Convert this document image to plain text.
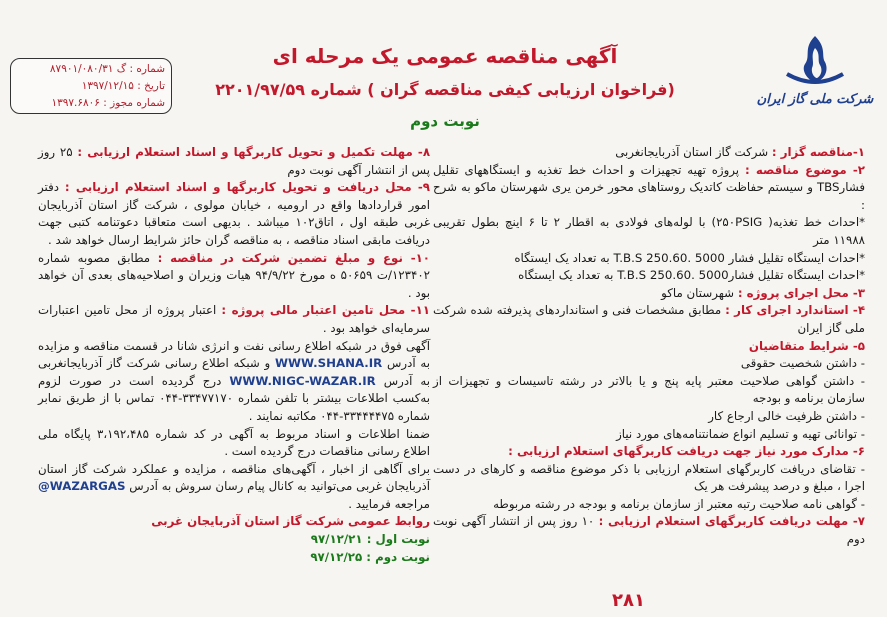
شرکت ملی گاز ایران
شماره : گ ۸۷۹۰۱/۰۸۰/۳۱
تاریخ : ۱۳۹۷/۱۲/۱۵
شماره مجوز : ۱۳۹۷.۶۸۰۶
آگهی مناقصه عمومی یک مرحله ای
(فراخوان ارزیابی کیفی مناقصه گران ) شماره ۲۲۰۱/۹۷/۵۹
نوبت دوم

۱-مناقصه گزار : شرکت گاز استان آذربایجانغربی

۲- موضوع مناقصه : پروژه تهیه تجهیزات و احداث خط تغذیه و ایستگاههای تقلیل فشارTBS و سیستم حفاظت کاتدیک روستاهای محور خرمن یری شهرستان ماکو به شرح :

*احداث خط تغذیه( ۲۵۰PSIG) با لوله‌های فولادی به اقطار ۲ تا ۶ اینچ بطول تقریبی ۱۱۹۸۸ متر

*احداث ایستگاه تقلیل فشار T.B.S 250.60. 5000 به تعداد یک ایستگاه

*احداث ایستگاه تقلیل فشار5000 .T.B.S 250.60 به تعداد یک ایستگاه

۳- محل اجرای پروژه : شهرستان ماکو

۴- استاندارد اجرای کار : مطابق مشخصات فنی و استانداردهای پذیرفته شده شرکت ملی گاز ایران

۵- شرایط متقاضیان

- داشتن شخصیت حقوقی

- داشتن گواهی صلاحیت معتبر پایه پنج و یا بالاتر در رشته تاسیسات و تجهیزات از سازمان برنامه و بودجه

- داشتن ظرفیت خالی ارجاع کار

- توانائی تهیه و تسلیم انواع ضمانتنامه‌های مورد نیاز

۶- مدارک مورد نیاز جهت دریافت کاربرگهای استعلام ارزیابی :

- تقاضای دریافت کاربرگهای استعلام ارزیابی با ذکر موضوع مناقصه و کارهای در دست اجرا ، مبلغ و درصد پیشرفت هر یک

- گواهی نامه صلاحیت رتبه معتبر از سازمان برنامه و بودجه در رشته مربوطه

۷- مهلت دریافت کاربرگهای استعلام ارزیابی : ۱۰ روز پس از انتشار آگهی نوبت دوم

۸- مهلت تکمیل و تحویل کاربرگها و اسناد استعلام ارزیابی : ۲۵ روز پس از انتشار آگهی نوبت دوم

۹- محل دریافت و تحویل کاربرگها و اسناد استعلام ارزیابی : دفتر امور قراردادها واقع در ارومیه ، خیابان مولوی ، شرکت گاز استان آذربایجان غربی طبقه اول ، اتاق۱۰۲ میباشد . بدیهی است متعاقبا دعوتنامه کتبی جهت دریافت مابقی اسناد مناقصه ، به مناقصه گران حائز شرایط ارسال خواهد شد .

۱۰- نوع و مبلغ تضمین شرکت در مناقصه : مطابق مصوبه شماره ۱۲۳۴۰۲/ت ۵۰۶۵۹ ه مورخ ۹۴/۹/۲۲ هیات وزیران و اصلاحیه‌های بعدی آن خواهد بود .

۱۱- محل تامین اعتبار مالی پروژه : اعتبار پروژه از محل تامین اعتبارات سرمایه‌ای خواهد بود .

آگهی فوق در شبکه اطلاع رسانی نفت و انرژی شانا در قسمت مناقصه و مزایده به آدرس WWW.SHANA.IR و شبکه اطلاع رسانی شرکت گاز آذربایجانغربی به آدرس WWW.NIGC-WAZAR.IR درج گردیده است در صورت لزوم به‌کسب اطلاعات بیشتر با تلفن شماره ۳۳۴۷۷۱۷۰-۰۴۴ تماس با از طریق نمابر شماره ۳۳۴۴۴۴۷۵-۰۴۴ مکاتبه نمایند .

ضمنا اطلاعات و اسناد مربوط به آگهی در کد شماره ۳،۱۹۲،۴۸۵ پایگاه ملی اطلاع رسانی مناقصات درج گردیده است .

برای آگاهی از اخبار ، آگهی‌های مناقصه ، مزایده و عملکرد شرکت گاز استان آذربایجان غربی می‌توانید به کانال پیام رسان سروش به آدرس @WAZARGAS مراجعه فرمایید .

روابط عمومی شرکت گاز استان آذربایجان غربی

نوبت اول : ۹۷/۱۲/۲۱

نوبت دوم : ۹۷/۱۲/۲۵

۲۸۱
